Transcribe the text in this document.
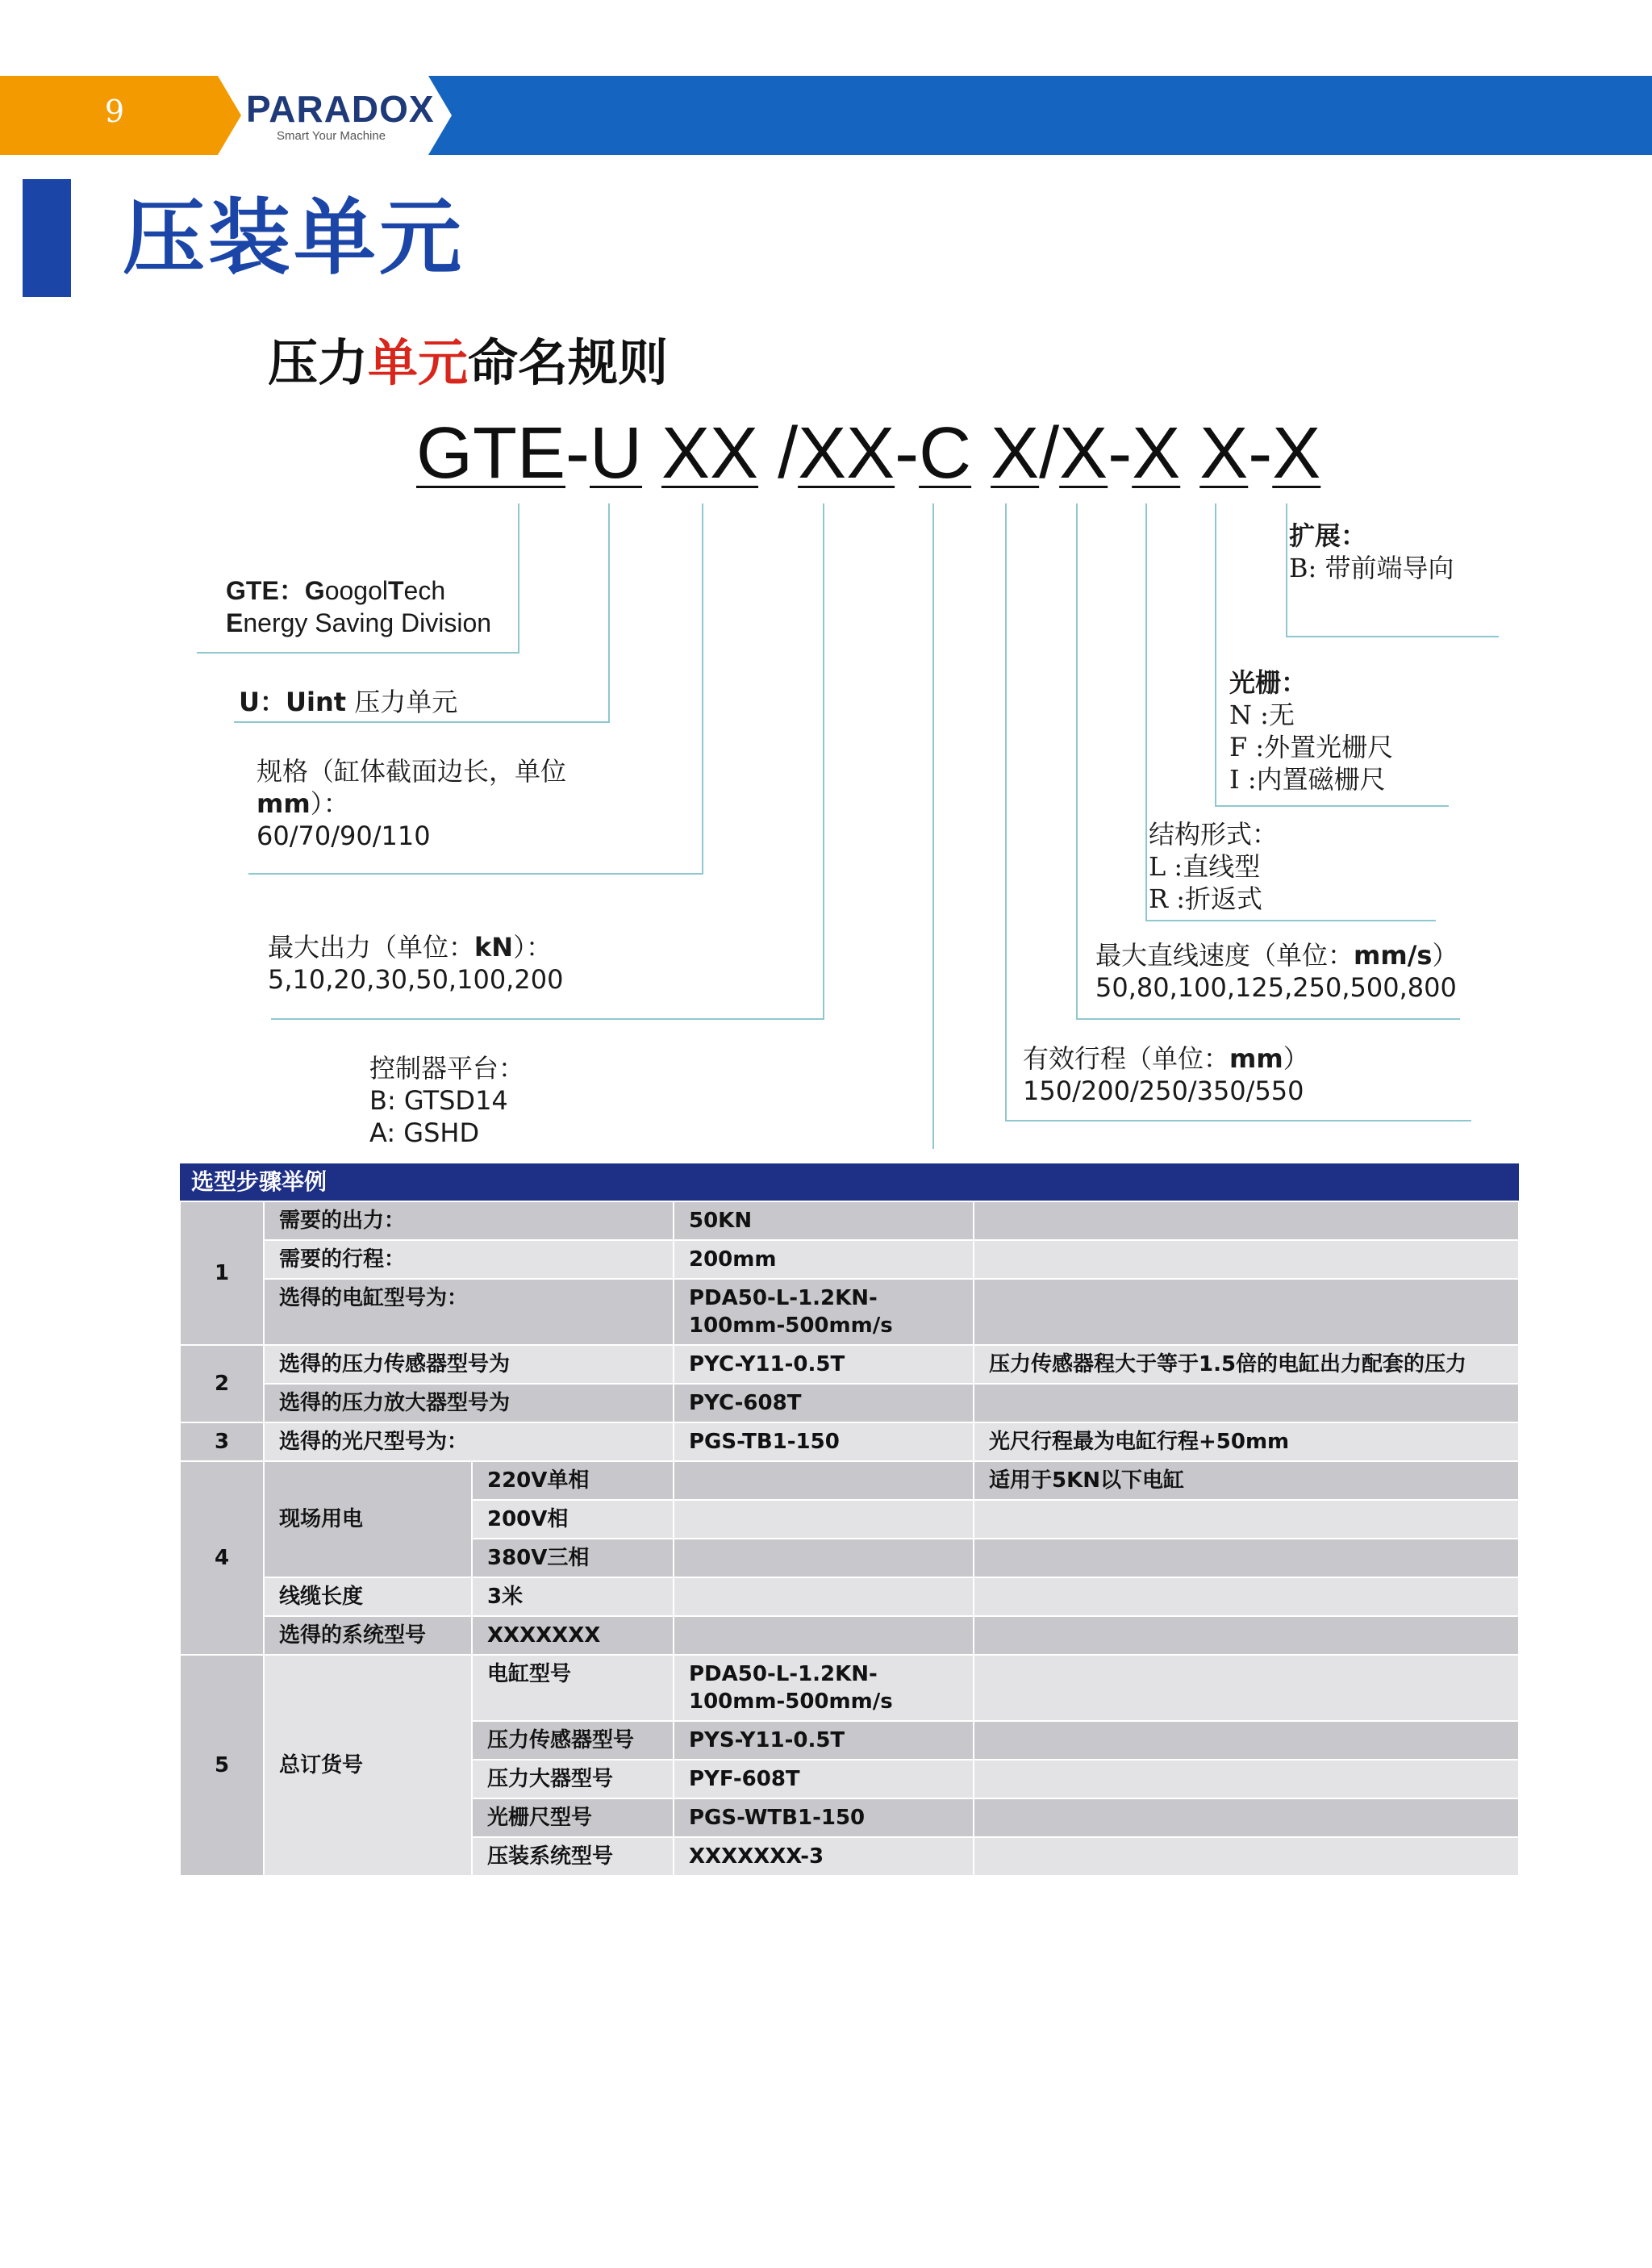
9	PARADOX
Smart Your Machine
压装单元
压力单元命名规则
GTE-U XX /XX-C X/X-X X-X
GTE：GoogolTech
Energy Saving Division
U：Uint 压力单元
规格（缸体截面边长，单位
mm）：
60/70/90/110
最大出力（单位：kN）：
5,10,20,30,50,100,200
控制器平台：
B: GTSD14
A: GSHD
扩展：
B: 带前端导向
光栅：
N :无
F :外置光栅尺
I :内置磁栅尺
结构形式：
L :直线型
R :折返式
最大直线速度（单位：mm/s）
50,80,100,125,250,500,800
有效行程（单位：mm）
150/200/250/350/550
选型步骤举例				
1	需要的出力：		50KN	
	需要的行程：		200mm	
	选得的电缸型号为：		PDA50-L-1.2KN-100mm-500mm/s	
2	选得的压力传感器型号为		PYC-Y11-0.5T	压力传感器程大于等于1.5倍的电缸出力配套的压力
	选得的压力放大器型号为		PYC-608T	
3	选得的光尺型号为：		PGS-TB1-150	光尺行程最为电缸行程+50mm
4	现场用电	220V单相		适用于5KN以下电缸
		200V相		
		380V三相		
	线缆长度	3米		
	选得的系统型号	XXXXXXX		
5	总订货号	电缸型号	PDA50-L-1.2KN-100mm-500mm/s	
		压力传感器型号	PYS-Y11-0.5T	
		压力大器型号	PYF-608T	
		光栅尺型号	PGS-WTB1-150	
		压装系统型号	XXXXXXX-3	
